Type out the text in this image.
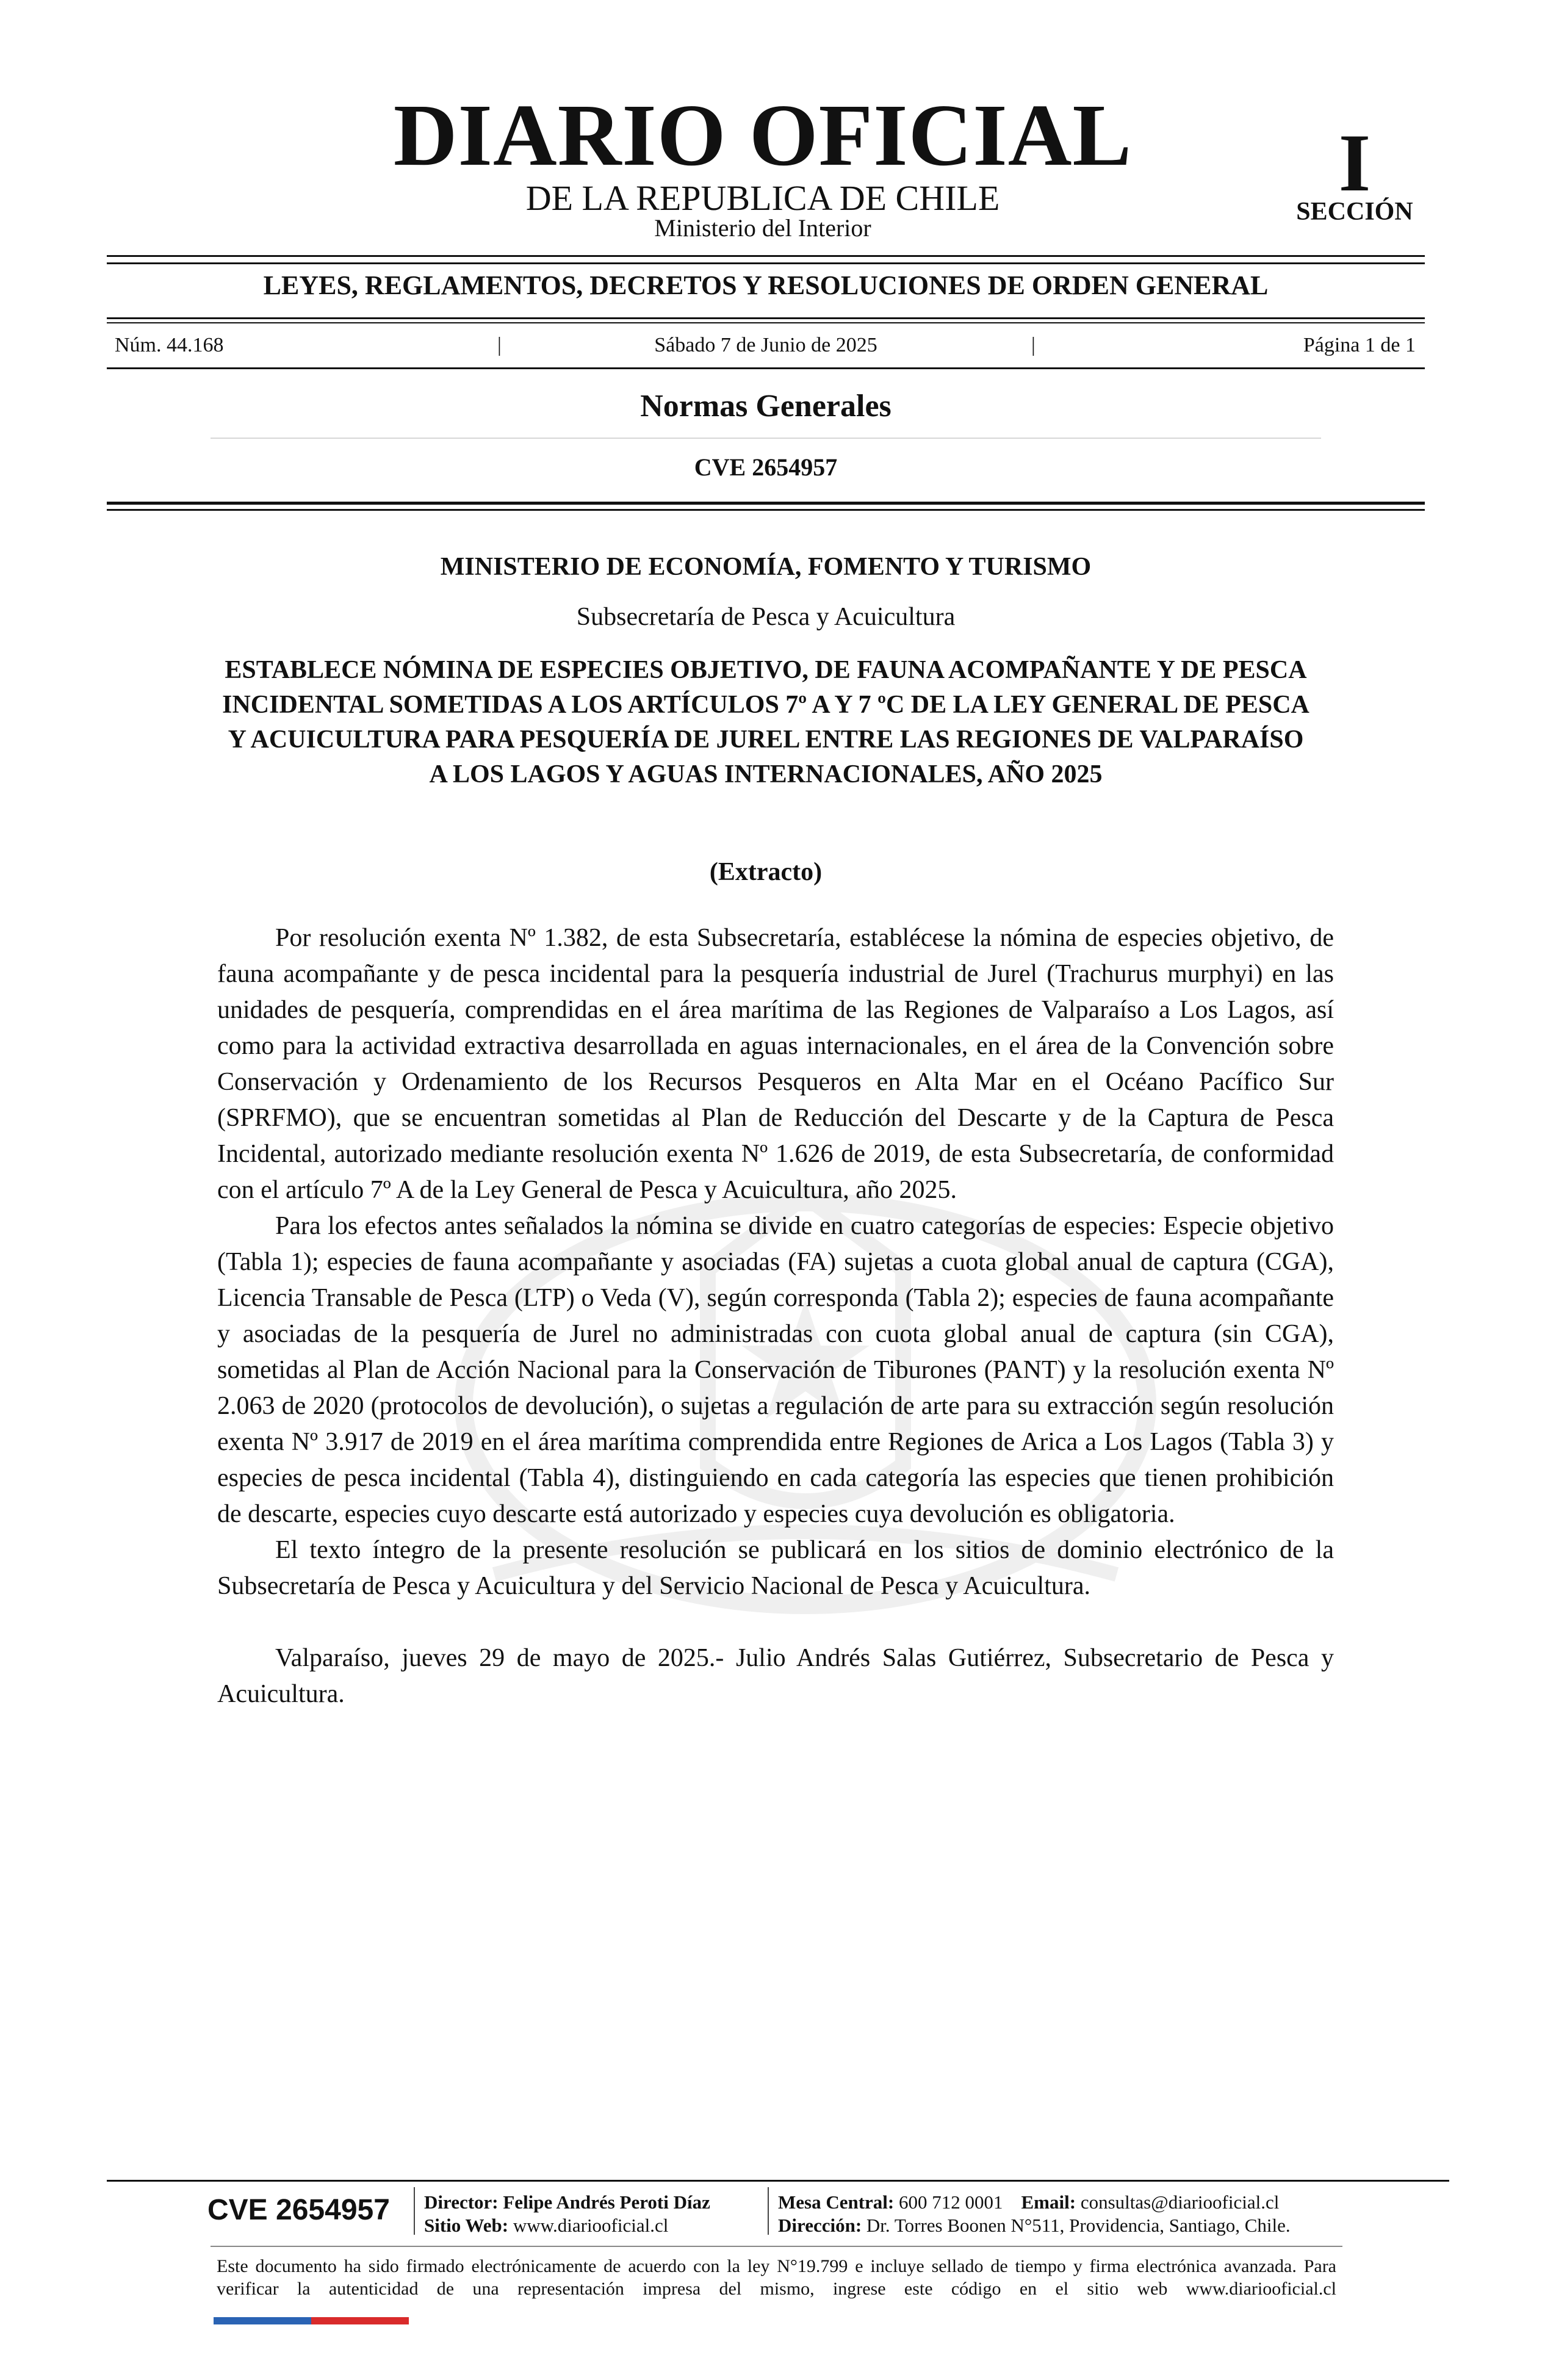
DIARIO OFICIAL
DE LA REPUBLICA DE CHILE
Ministerio del Interior
I
SECCIÓN
LEYES, REGLAMENTOS, DECRETOS Y RESOLUCIONES DE ORDEN GENERAL
Núm. 44.168	|	Sábado 7 de Junio de 2025	|	Página 1 de 1
Normas Generales
CVE 2654957
MINISTERIO DE ECONOMÍA, FOMENTO Y TURISMO
Subsecretaría de Pesca y Acuicultura
ESTABLECE NÓMINA DE ESPECIES OBJETIVO, DE FAUNA ACOMPAÑANTE Y DE PESCA INCIDENTAL SOMETIDAS A LOS ARTÍCULOS 7º A Y 7 ºC DE LA LEY GENERAL DE PESCA Y ACUICULTURA PARA PESQUERÍA DE JUREL ENTRE LAS REGIONES DE VALPARAÍSO A LOS LAGOS Y AGUAS INTERNACIONALES, AÑO 2025
(Extracto)

Por resolución exenta Nº 1.382, de esta Subsecretaría, establécese la nómina de especies objetivo, de fauna acompañante y de pesca incidental para la pesquería industrial de Jurel (Trachurus murphyi) en las unidades de pesquería, comprendidas en el área marítima de las Regiones de Valparaíso a Los Lagos, así como para la actividad extractiva desarrollada en aguas internacionales, en el área de la Convención sobre Conservación y Ordenamiento de los Recursos Pesqueros en Alta Mar en el Océano Pacífico Sur (SPRFMO), que se encuentran sometidas al Plan de Reducción del Descarte y de la Captura de Pesca Incidental, autorizado mediante resolución exenta Nº 1.626 de 2019, de esta Subsecretaría, de conformidad con el artículo 7º A de la Ley General de Pesca y Acuicultura, año 2025.

Para los efectos antes señalados la nómina se divide en cuatro categorías de especies: Especie objetivo (Tabla 1); especies de fauna acompañante y asociadas (FA) sujetas a cuota global anual de captura (CGA), Licencia Transable de Pesca (LTP) o Veda (V), según corresponda (Tabla 2); especies de fauna acompañante y asociadas de la pesquería de Jurel no administradas con cuota global anual de captura (sin CGA), sometidas al Plan de Acción Nacional para la Conservación de Tiburones (PANT) y la resolución exenta Nº 2.063 de 2020 (protocolos de devolución), o sujetas a regulación de arte para su extracción según resolución exenta Nº 3.917 de 2019 en el área marítima comprendida entre Regiones de Arica a Los Lagos (Tabla 3) y especies de pesca incidental (Tabla 4), distinguiendo en cada categoría las especies que tienen prohibición de descarte, especies cuyo descarte está autorizado y especies cuya devolución es obligatoria.

El texto íntegro de la presente resolución se publicará en los sitios de dominio electrónico de la Subsecretaría de Pesca y Acuicultura y del Servicio Nacional de Pesca y Acuicultura.

Valparaíso, jueves 29 de mayo de 2025.- Julio Andrés Salas Gutiérrez, Subsecretario de Pesca y Acuicultura.

CVE 2654957	Director: Felipe Andrés Peroti Díaz
Sitio Web: www.diariooficial.cl
Mesa Central: 600 712 0001 Email: consultas@diariooficial.cl
Dirección: Dr. Torres Boonen N°511, Providencia, Santiago, Chile.
Este documento ha sido firmado electrónicamente de acuerdo con la ley N°19.799 e incluye sellado de tiempo y firma electrónica avanzada. Para verificar la autenticidad de una representación impresa del mismo, ingrese este código en el sitio web www.diariooficial.cl
